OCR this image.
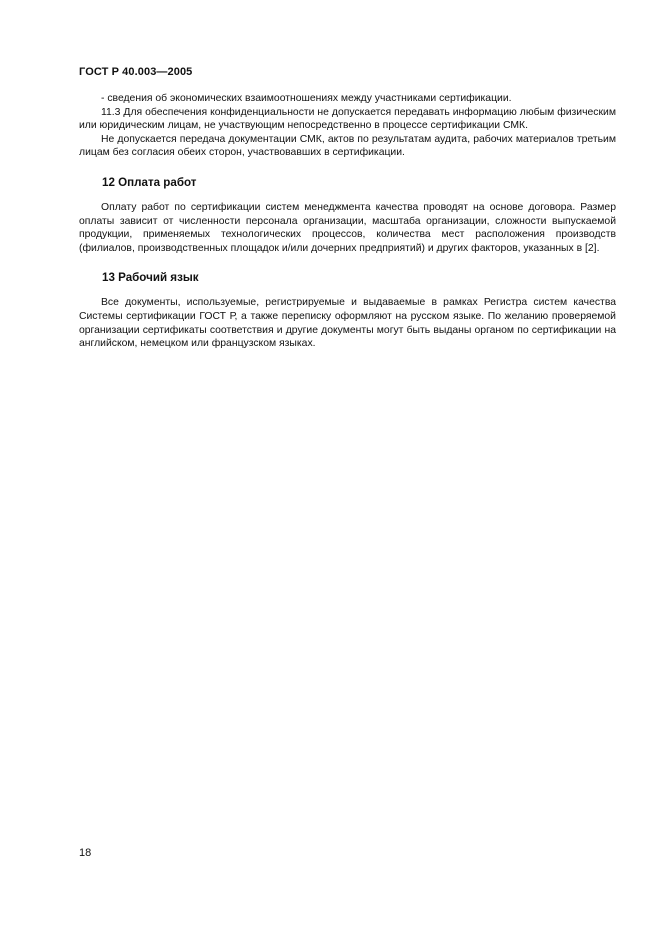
ГОСТ Р 40.003—2005

- сведения об экономических взаимоотношениях между участниками сертификации.

11.3 Для обеспечения конфиденциальности не допускается передавать информацию любым физическим или юридическим лицам, не участвующим непосредственно в процессе сертификации СМК.

Не допускается передача документации СМК, актов по результатам аудита, рабочих материалов третьим лицам без согласия обеих сторон, участвовавших в сертификации.

12 Оплата работ

Оплату работ по сертификации систем менеджмента качества проводят на основе договора. Размер оплаты зависит от численности персонала организации, масштаба организации, сложности выпускаемой продукции, применяемых технологических процессов, количества мест расположения производств (филиалов, производственных площадок и/или дочерних предприятий) и других факторов, указанных в [2].

13 Рабочий язык

Все документы, используемые, регистрируемые и выдаваемые в рамках Регистра систем качества Системы сертификации ГОСТ Р, а также переписку оформляют на русском языке. По желанию проверяемой организации сертификаты соответствия и другие документы могут быть выданы органом по сертификации на английском, немецком или французском языках.

18
